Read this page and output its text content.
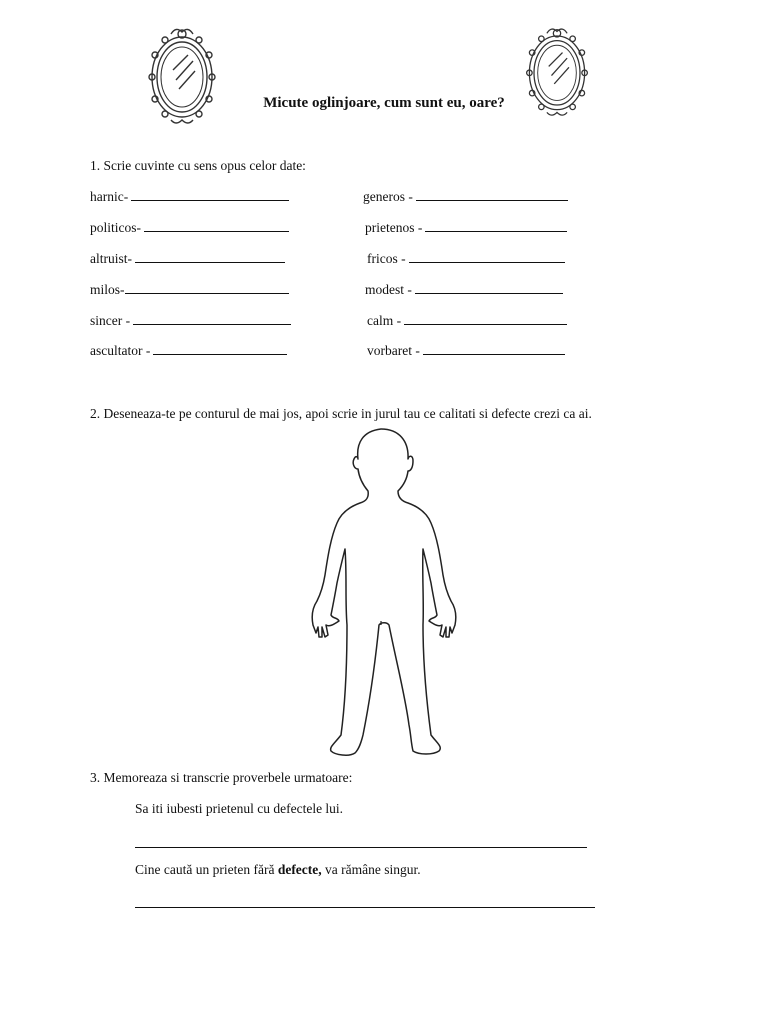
Micute oglinjoare, cum sunt eu, oare?
1. Scrie cuvinte cu sens opus celor date:
harnic-
politicos-
altruist-
milos-
sincer -
ascultator -
generos -
prietenos -
fricos -
modest -
calm -
vorbaret -
2. Deseneaza-te pe conturul de mai jos, apoi scrie in jurul tau ce calitati si defecte crezi ca ai.
3. Memoreaza si transcrie proverbele urmatoare:
Sa iti iubesti prietenul cu defectele lui.
Cine caută un prieten fără defecte, va rămâne singur.
